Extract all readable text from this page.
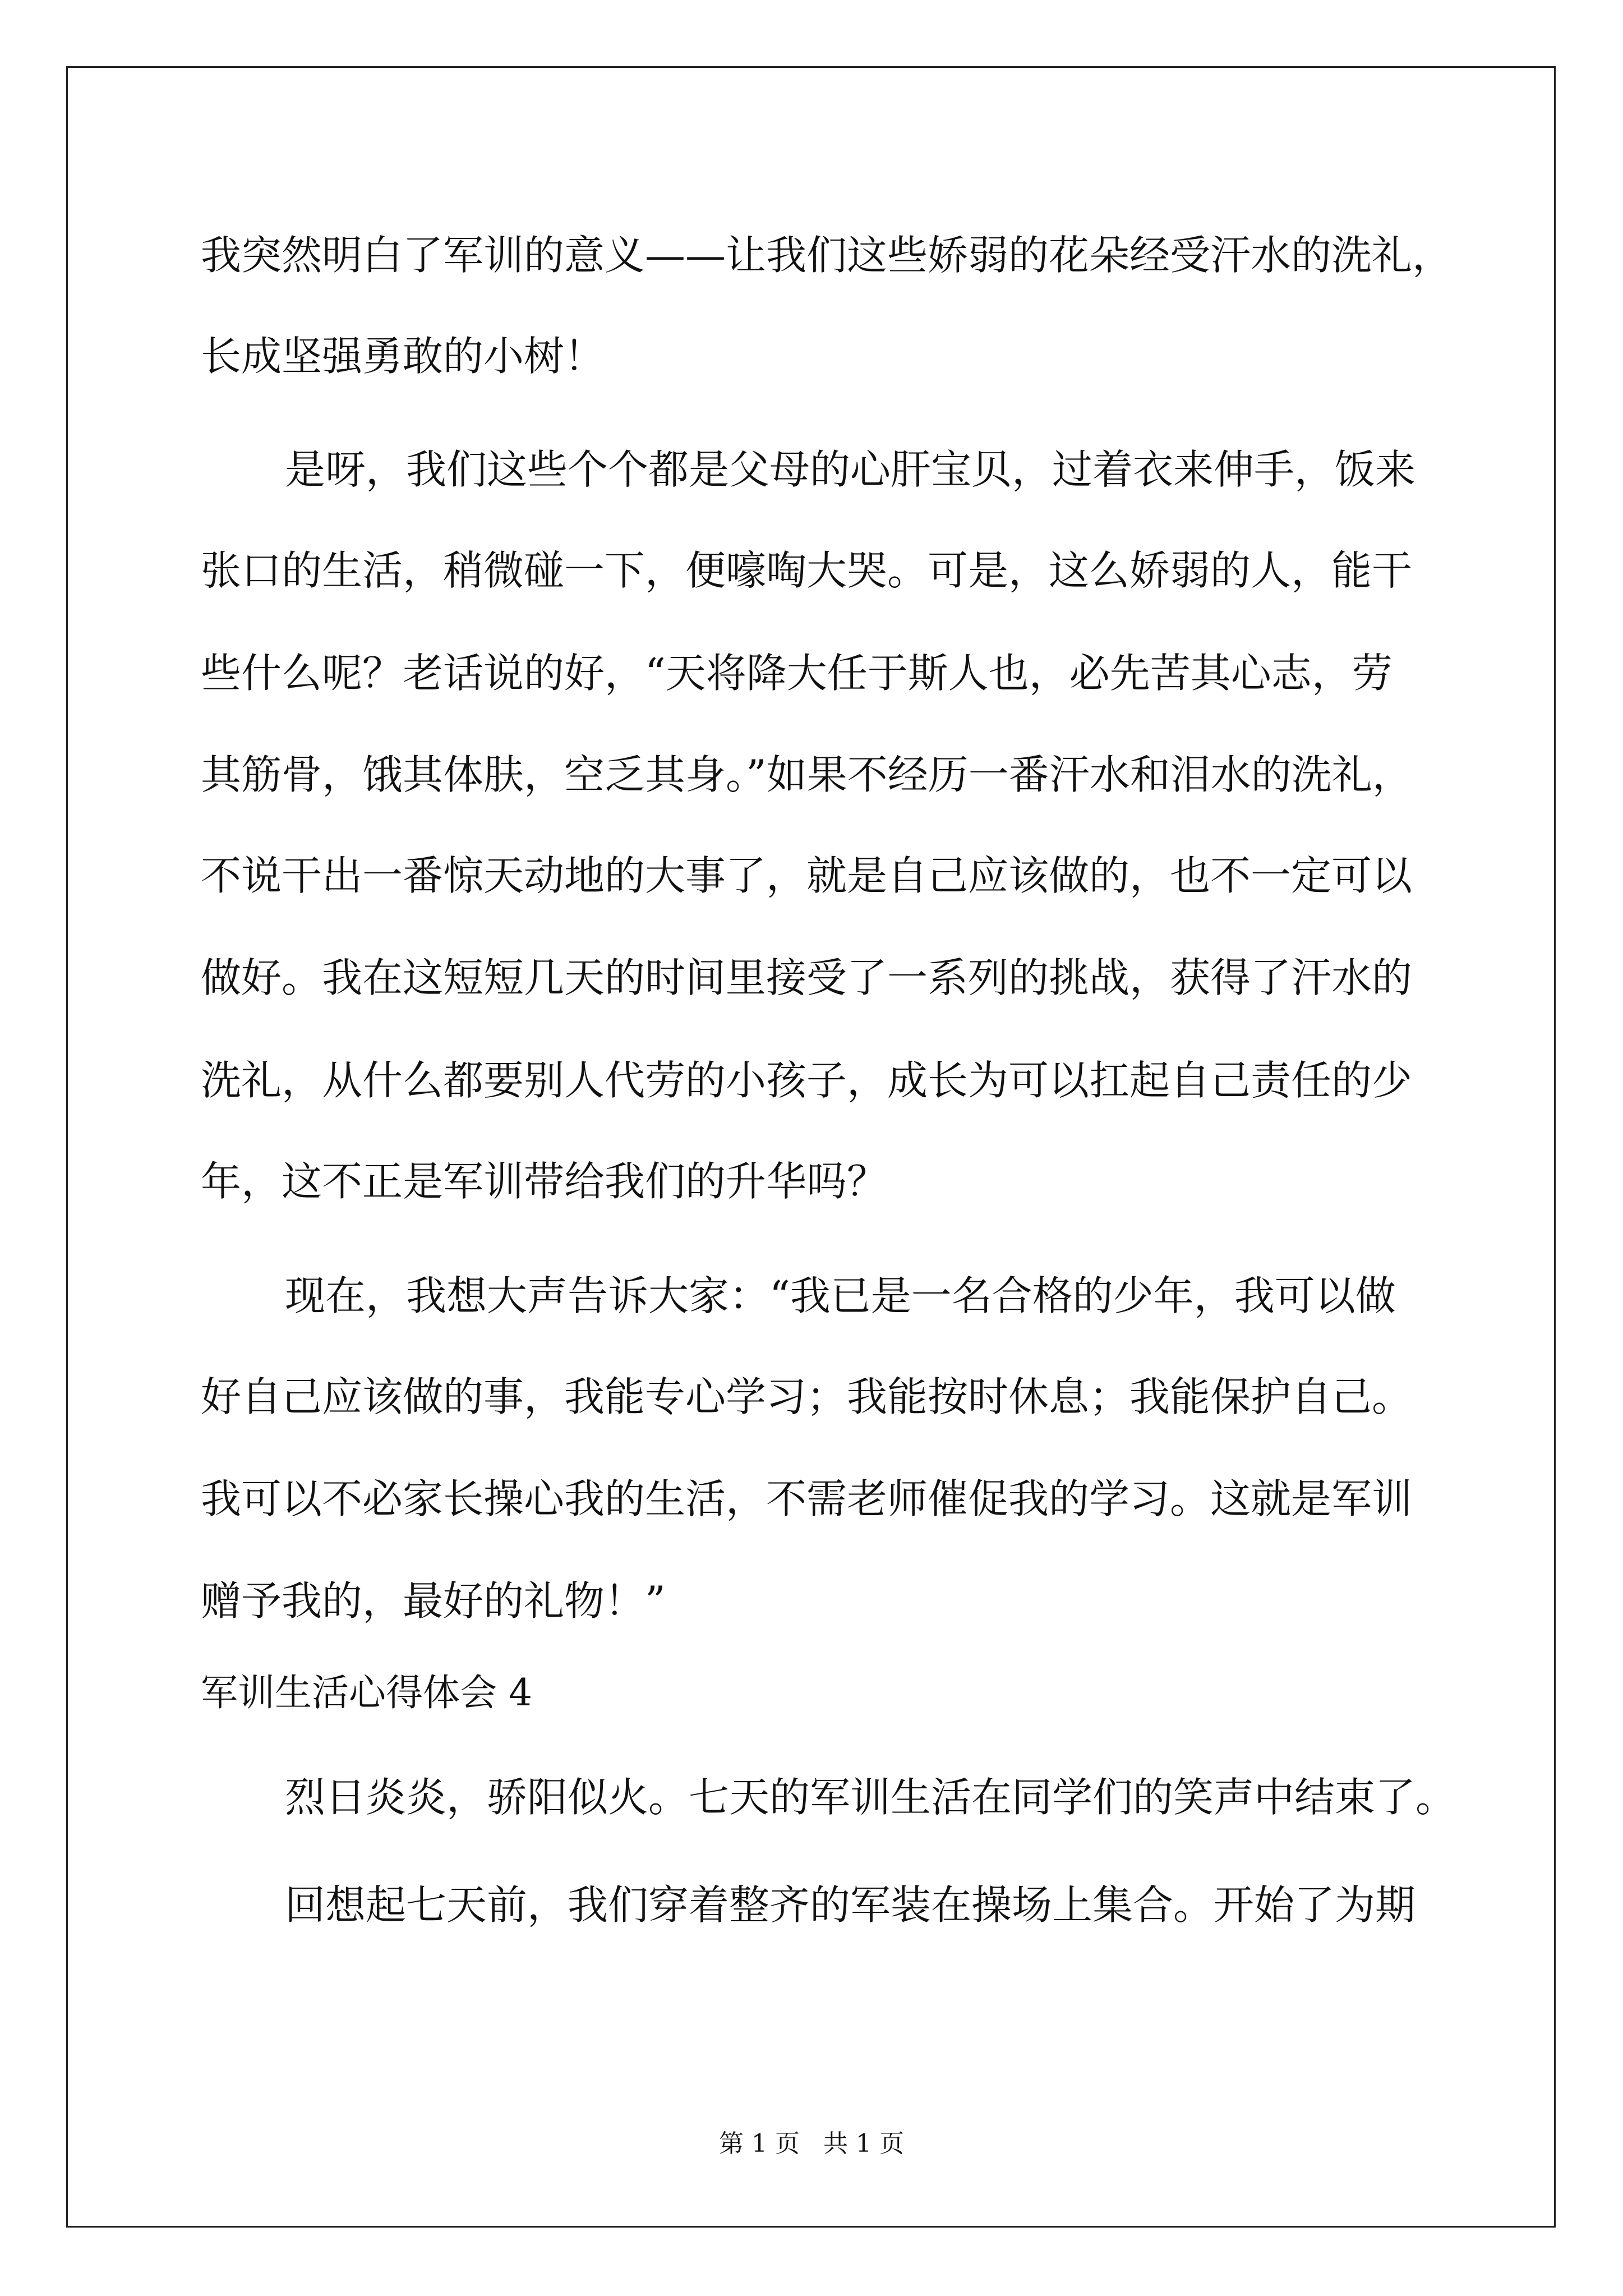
我突然明白了军训的意义——让我们这些娇弱的花朵经受汗水的洗礼，
长成坚强勇敢的小树！
是呀，我们这些个个都是父母的心肝宝贝，过着衣来伸手，饭来
张口的生活，稍微碰一下，便嚎啕大哭。可是，这么娇弱的人，能干
些什么呢？老话说的好，“天将降大任于斯人也，必先苦其心志，劳
其筋骨，饿其体肤，空乏其身。”如果不经历一番汗水和泪水的洗礼，
不说干出一番惊天动地的大事了，就是自己应该做的，也不一定可以
做好。我在这短短几天的时间里接受了一系列的挑战，获得了汗水的
洗礼，从什么都要别人代劳的小孩子，成长为可以扛起自己责任的少
年，这不正是军训带给我们的升华吗？
现在，我想大声告诉大家：“我已是一名合格的少年，我可以做
好自己应该做的事，我能专心学习；我能按时休息；我能保护自己。
我可以不必家长操心我的生活，不需老师催促我的学习。这就是军训
赠予我的，最好的礼物！”
军训生活心得体会 4
烈日炎炎，骄阳似火。七天的军训生活在同学们的笑声中结束了。
回想起七天前，我们穿着整齐的军装在操场上集合。开始了为期
第 1 页   共 1 页
